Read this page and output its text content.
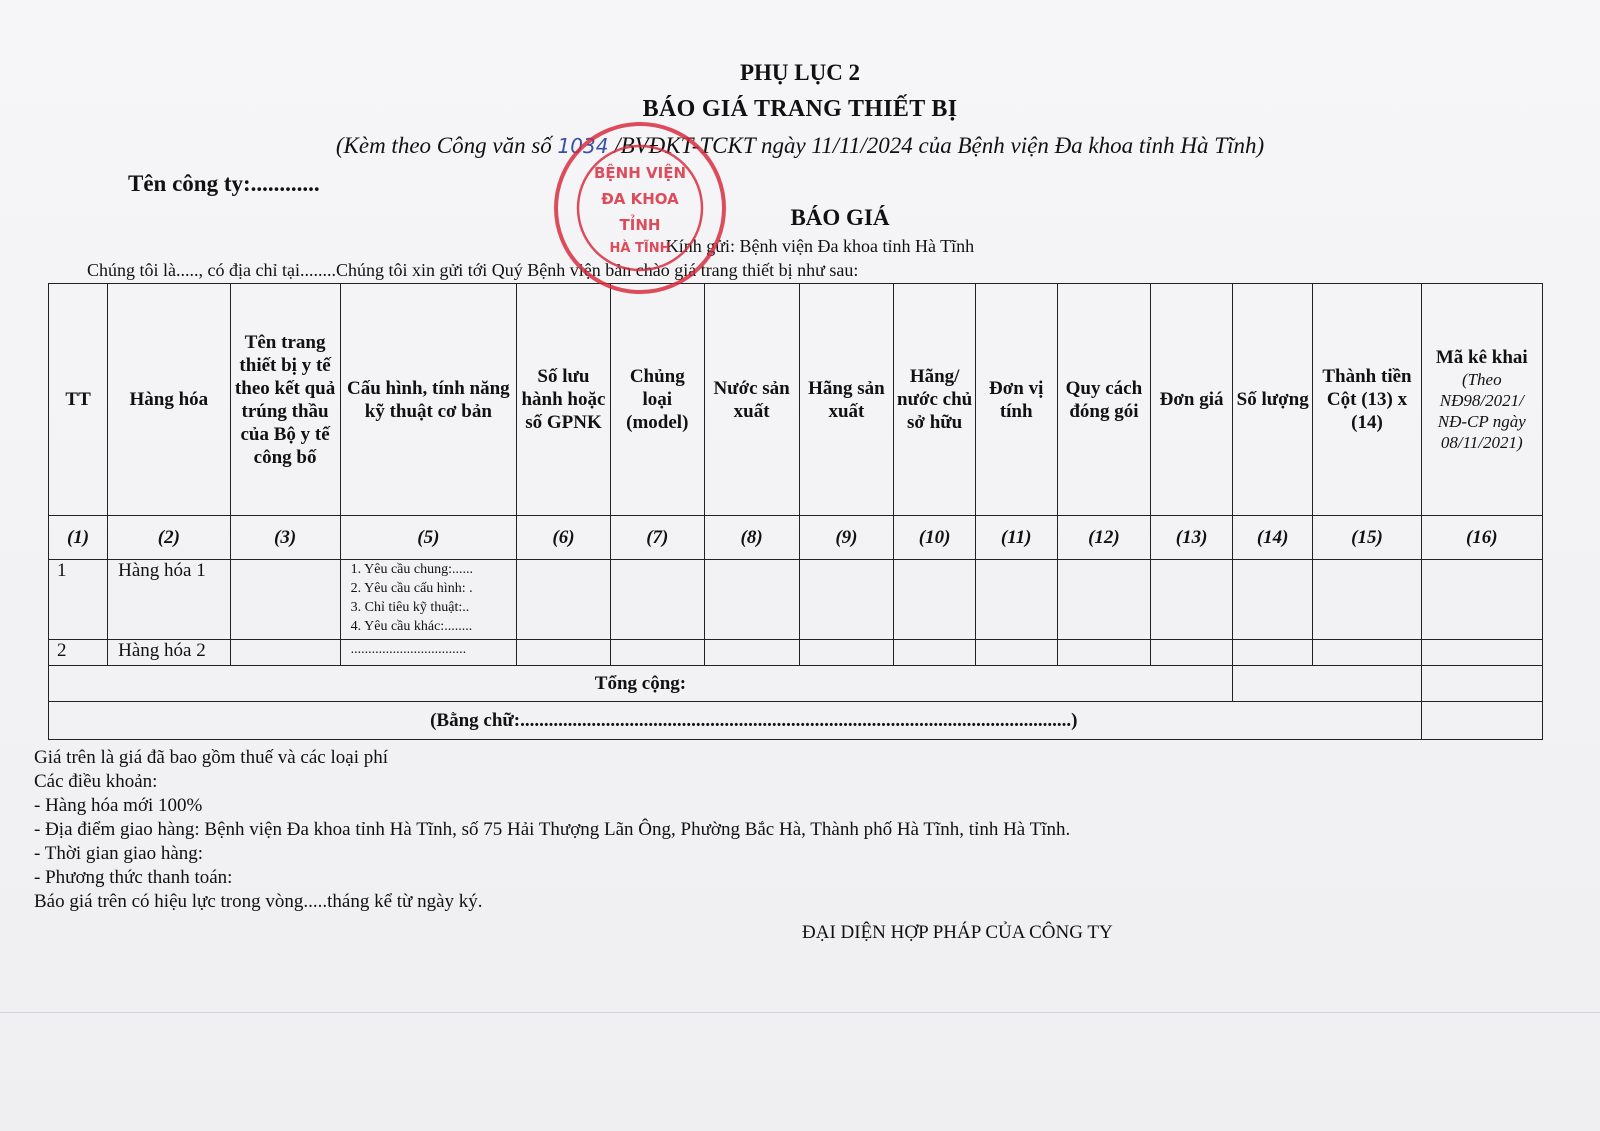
PHỤ LỤC 2
BÁO GIÁ TRANG THIẾT BỊ
(Kèm theo Công văn số 1034 /BVĐKT-TCKT ngày 11/11/2024 của Bệnh viện Đa khoa tỉnh Hà Tĩnh)
Tên công ty:............
BÁO GIÁ
Kính gửi: Bệnh viện Đa khoa tỉnh Hà Tĩnh
Chúng tôi là....., có địa chỉ tại........Chúng tôi xin gửi tới Quý Bệnh viện bản chào giá trang thiết bị như sau:
TT	Hàng hóa	Tên trang thiết bị y tế theo kết quả trúng thầu của Bộ y tế công bố	Cấu hình, tính năng kỹ thuật cơ bản	Số lưu hành hoặc số GPNK	Chủng loại (model)	Nước sản xuất	Hãng sản xuất	Hãng/ nước chủ sở hữu	Đơn vị tính	Quy cách đóng gói	Đơn giá	Số lượng	Thành tiền Cột (13) x (14)	Mã kê khai
(Theo NĐ98/2021/ NĐ-CP ngày 08/11/2021)

(1)	(2)	(3)	(5)	(6)	(7)	(8)	(9)	(10)	(11)	(12)	(13)	(14)	(15)	(16)
1	Hàng hóa 1		1. Yêu cầu chung:......
2. Yêu cầu cấu hình: .
3. Chỉ tiêu kỹ thuật:..
4. Yêu cầu khác:........											

2	Hàng hóa 2		.................................											

Tổng cộng:														
(Bằng chữ:....................................................................................................................)														
Giá trên là giá đã bao gồm thuế và các loại phí
Các điều khoản:
- Hàng hóa mới 100%
- Địa điểm giao hàng: Bệnh viện Đa khoa tỉnh Hà Tĩnh, số 75 Hải Thượng Lãn Ông, Phường Bắc Hà, Thành phố Hà Tĩnh, tỉnh Hà Tĩnh.
- Thời gian giao hàng:
- Phương thức thanh toán:
Báo giá trên có hiệu lực trong vòng.....tháng kể từ ngày ký.
ĐẠI DIỆN HỢP PHÁP CỦA CÔNG TY
BỆNH VIỆN
ĐA KHOA
TỈNH
HÀ TĨNH
